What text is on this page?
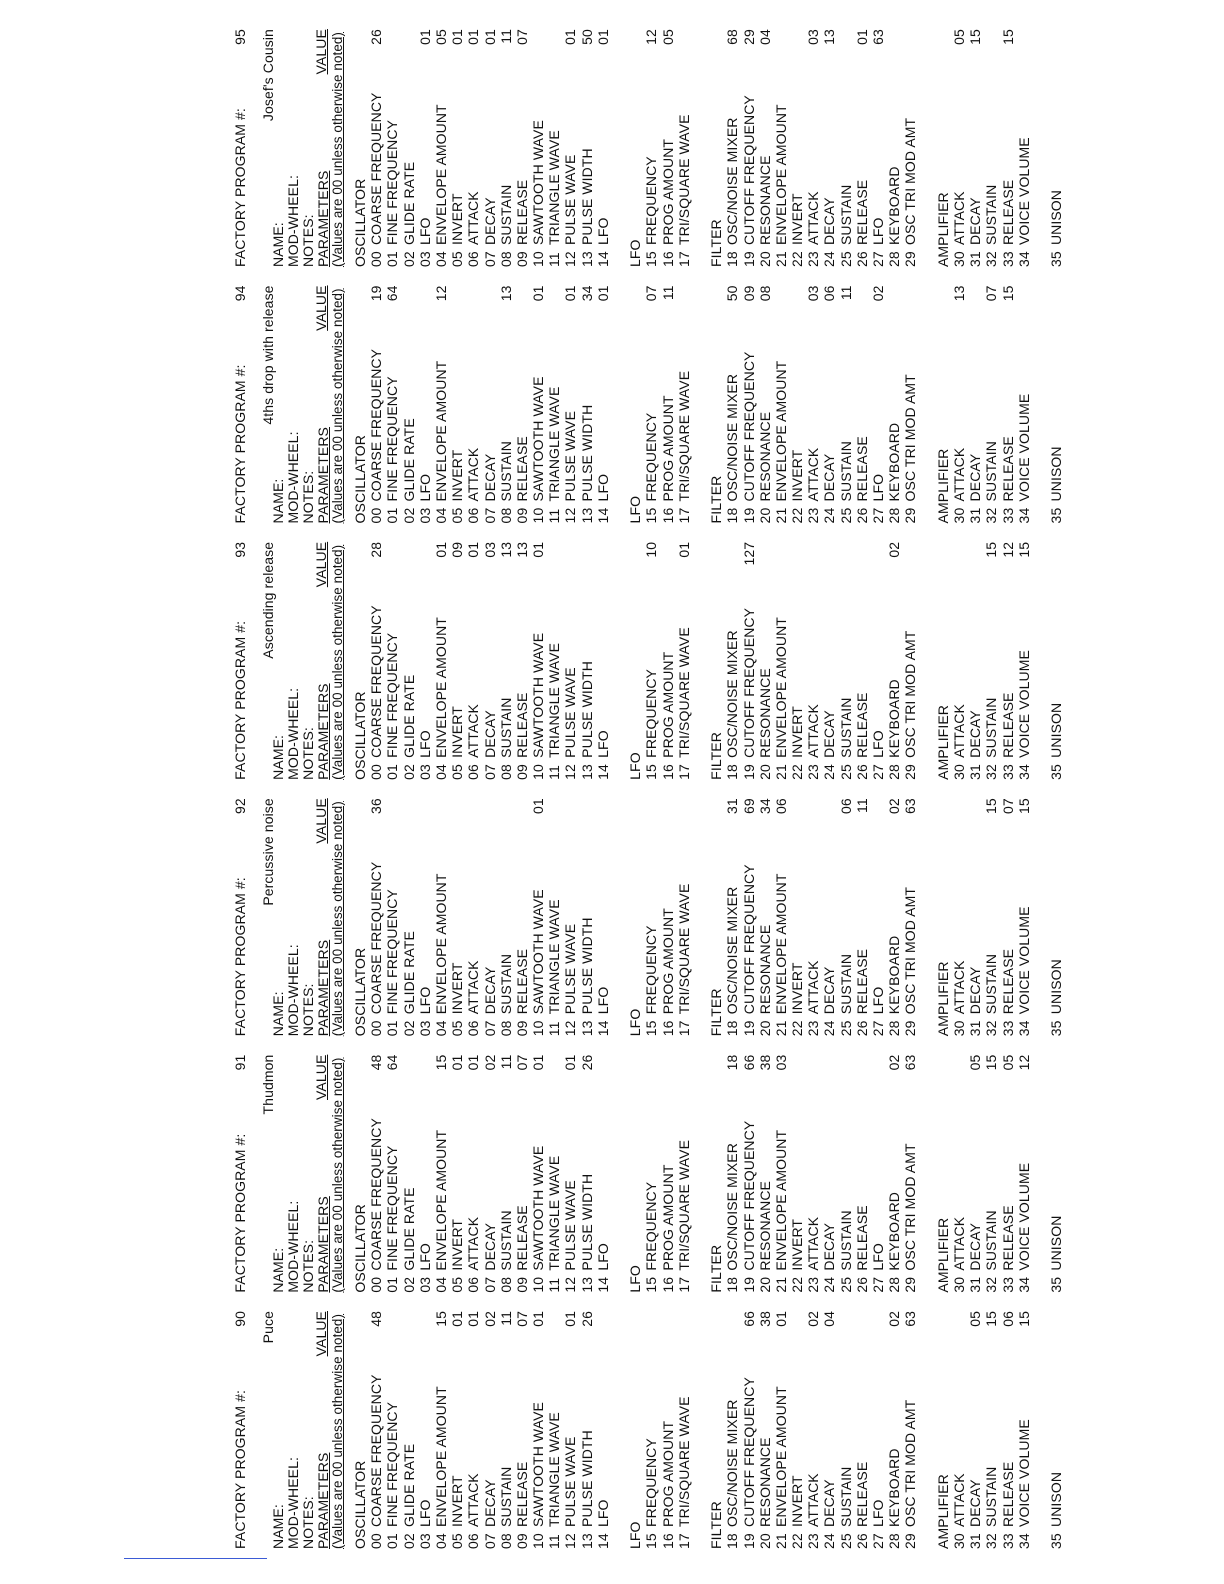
FACTORY PROGRAM #:
90
NAME: MOD-WHEEL: NOTES:
Puce
PARAMETERS
VALUE (Values are 00 unless otherwise noted) OSCILLATOR 00
COARSE FREQUENCY
48
01
FINE FREQUENCY
02
GLIDE RATE
03
LFO
04
ENVELOPE AMOUNT
15
05
INVERT
01
06
ATTACK
01
07
DECAY
02
08
SUSTAIN
11
09
RELEASE
07
10
SAWTOOTH WAVE
01
11
TRIANGLE WAVE
12
PULSE WAVE
01
13
PULSE WIDTH
26
14
LFO
LFO 15
FREQUENCY
16
PROG AMOUNT
17
TRI/SQUARE WAVE FILTER 18
OSC/NOISE MIXER
19
CUTOFF FREQUENCY
66
20
RESONANCE
38
21
ENVELOPE AMOUNT
01
22
INVERT
23
ATTACK
02
24
DECAY
04
25
SUSTAIN
26
RELEASE
27
LFO
28
KEYBOARD
02
29
OSC TRI MOD AMT
63
AMPLIFIER 30
ATTACK
31
DECAY
05
32
SUSTAIN
15
33
RELEASE
06
34
VOICE VOLUME
15
35
UNISON
FACTORY PROGRAM #:
91
NAME: MOD-WHEEL: NOTES:
Thudmon
PARAMETERS
VALUE (Values are 00 unless otherwise noted) OSCILLATOR 00
COARSE FREQUENCY
48
01
FINE FREQUENCY
64
02
GLIDE RATE
03
LFO
04
ENVELOPE AMOUNT
15
05
INVERT
01
06
ATTACK
01
07
DECAY
02
08
SUSTAIN
11
09
RELEASE
07
10
SAWTOOTH WAVE
01
11
TRIANGLE WAVE
12
PULSE WAVE
01
13
PULSE WIDTH
26
14
LFO
LFO 15
FREQUENCY
16
PROG AMOUNT
17
TRI/SQUARE WAVE FILTER 18
OSC/NOISE MIXER
18
19
CUTOFF FREQUENCY
66
20
RESONANCE
38
21
ENVELOPE AMOUNT
03
22
INVERT
23
ATTACK
24
DECAY
25
SUSTAIN
26
RELEASE
27
LFO
28
KEYBOARD
02
29
OSC TRI MOD AMT
63
AMPLIFIER 30
ATTACK
31
DECAY
05
32
SUSTAIN
15
33
RELEASE
05
34
VOICE VOLUME
12
35
UNISON
FACTORY PROGRAM #:
92
NAME: MOD-WHEEL: NOTES:
Percussive noise
PARAMETERS
VALUE (Values are 00 unless otherwise noted) OSCILLATOR 00
COARSE FREQUENCY
36
01
FINE FREQUENCY
02
GLIDE RATE
03
LFO
04
ENVELOPE AMOUNT
05
INVERT
06
ATTACK
07
DECAY
08
SUSTAIN
09
RELEASE
10
SAWTOOTH WAVE
01
11
TRIANGLE WAVE
12
PULSE WAVE
13
PULSE WIDTH
14
LFO
LFO 15
FREQUENCY
16
PROG AMOUNT
17
TRI/SQUARE WAVE FILTER 18
OSC/NOISE MIXER
31
19
CUTOFF FREQUENCY
69
20
RESONANCE
34
21
ENVELOPE AMOUNT
06
22
INVERT
23
ATTACK
24
DECAY
25
SUSTAIN
06
26
RELEASE
11
27
LFO
28
KEYBOARD
02
29
OSC TRI MOD AMT
63
AMPLIFIER 30
ATTACK
31
DECAY
32
SUSTAIN
15
33
RELEASE
07
34
VOICE VOLUME
15
35
UNISON
FACTORY PROGRAM #:
93
NAME: MOD-WHEEL: NOTES:
Ascending release
PARAMETERS
VALUE (Values are 00 unless otherwise noted) OSCILLATOR 00
COARSE FREQUENCY
28
01
FINE FREQUENCY
02
GLIDE RATE
03
LFO
04
ENVELOPE AMOUNT
01
05
INVERT
09
06
ATTACK
01
07
DECAY
03
08
SUSTAIN
13
09
RELEASE
13
10
SAWTOOTH WAVE
01
11
TRIANGLE WAVE
12
PULSE WAVE
13
PULSE WIDTH
14
LFO
LFO 15
FREQUENCY
10
16
PROG AMOUNT
17
TRI/SQUARE WAVE
01
FILTER 18
OSC/NOISE MIXER
19
CUTOFF FREQUENCY
127
20
RESONANCE
21
ENVELOPE AMOUNT
22
INVERT
23
ATTACK
24
DECAY
25
SUSTAIN
26
RELEASE
27
LFO
28
KEYBOARD
02
29
OSC TRI MOD AMT AMPLIFIER 30
ATTACK
31
DECAY
32
SUSTAIN
15
33
RELEASE
12
34
VOICE VOLUME
15
35
UNISON
FACTORY PROGRAM #:
94
NAME: MOD-WHEEL: NOTES:
4ths drop with release
PARAMETERS
VALUE (Values are 00 unless otherwise noted) OSCILLATOR 00
COARSE FREQUENCY
19
01
FINE FREQUENCY
64
02
GLIDE RATE
03
LFO
04
ENVELOPE AMOUNT
12
05
INVERT
06
ATTACK
07
DECAY
08
SUSTAIN
13
09
RELEASE
10
SAWTOOTH WAVE
01
11
TRIANGLE WAVE
12
PULSE WAVE
01
13
PULSE WIDTH
34
14
LFO
01
LFO 15
FREQUENCY
07
16
PROG AMOUNT
11
17
TRI/SQUARE WAVE FILTER 18
OSC/NOISE MIXER
50
19
CUTOFF FREQUENCY
09
20
RESONANCE
08
21
ENVELOPE AMOUNT
22
INVERT
23
ATTACK
03
24
DECAY
06
25
SUSTAIN
11
26
RELEASE
27
LFO
02
28
KEYBOARD
29
OSC TRI MOD AMT AMPLIFIER 30
ATTACK
13
31
DECAY
32
SUSTAIN
07
33
RELEASE
15
34
VOICE VOLUME
35
UNISON
FACTORY PROGRAM #:
95
NAME: MOD-WHEEL: NOTES:
Josef's Cousin
PARAMETERS
VALUE (Values are 00 unless otherwise noted) OSCILLATOR 00
COARSE FREQUENCY
26
01
FINE FREQUENCY
02
GLIDE RATE
03
LFO
01
04
ENVELOPE AMOUNT
05
05
INVERT
01
06
ATTACK
01
07
DECAY
01
08
SUSTAIN
11
09
RELEASE
07
10
SAWTOOTH WAVE
11
TRIANGLE WAVE
12
PULSE WAVE
01
13
PULSE WIDTH
50
14
LFO
01
LFO 15
FREQUENCY
12
16
PROG AMOUNT
05
17
TRI/SQUARE WAVE FILTER 18
OSC/NOISE MIXER
68
19
CUTOFF FREQUENCY
29
20
RESONANCE
04
21
ENVELOPE AMOUNT
22
INVERT
23
ATTACK
03
24
DECAY
13
25
SUSTAIN
26
RELEASE
01
27
LFO
63
28
KEYBOARD
29
OSC TRI MOD AMT AMPLIFIER 30
ATTACK
05
31
DECAY
15
32
SUSTAIN
33
RELEASE
15
34
VOICE VOLUME
35
UNISON
